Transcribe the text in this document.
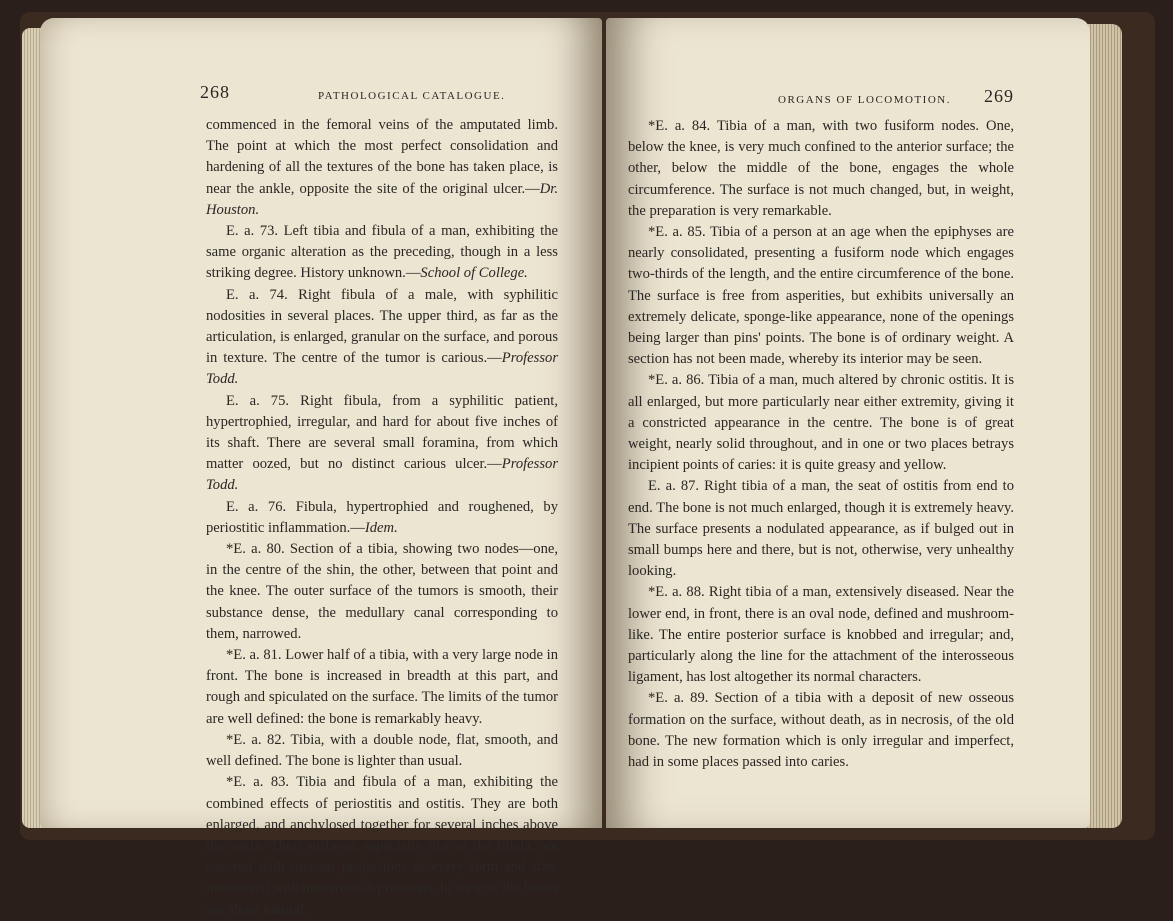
268	PATHOLOGICAL CATALOGUE.

commenced in the femoral veins of the amputated limb. The point at which the most perfect consolidation and hardening of all the textures of the bone has taken place, is near the ankle, opposite the site of the original ulcer.—Dr. Houston.

E. a. 73. Left tibia and fibula of a man, exhibiting the same organic alteration as the preceding, though in a less striking degree. History unknown.—School of College.

E. a. 74. Right fibula of a male, with syphilitic nodosities in several places. The upper third, as far as the articulation, is enlarged, granular on the surface, and porous in texture. The centre of the tumor is carious.—Professor Todd.

E. a. 75. Right fibula, from a syphilitic patient, hypertrophied, irregular, and hard for about five inches of its shaft. There are several small foramina, from which matter oozed, but no distinct carious ulcer.—Professor Todd.

E. a. 76. Fibula, hypertrophied and roughened, by periostitic inflammation.—Idem.

*E. a. 80. Section of a tibia, showing two nodes—one, in the centre of the shin, the other, between that point and the knee. The outer surface of the tumors is smooth, their substance dense, the medullary canal corresponding to them, narrowed.

*E. a. 81. Lower half of a tibia, with a very large node in front. The bone is increased in breadth at this part, and rough and spiculated on the surface. The limits of the tumor are well defined: the bone is remarkably heavy.

*E. a. 82. Tibia, with a double node, flat, smooth, and well defined. The bone is lighter than usual.

*E. a. 83. Tibia and fibula of a man, exhibiting the combined effects of periostitis and ostitis. They are both enlarged, and anchylosed together for several inches above the ankle. Their surfaces, especially that of the fibula, are covered with osseous projections of every form and size, intermixed with numerous depressions. In weight, the bones are about natural.

ORGANS OF LOCOMOTION. 269

*E. a. 84. Tibia of a man, with two fusiform nodes. One, below the knee, is very much confined to the anterior surface; the other, below the middle of the bone, engages the whole circumference. The surface is not much changed, but, in weight, the preparation is very remarkable.

*E. a. 85. Tibia of a person at an age when the epiphyses are nearly consolidated, presenting a fusiform node which engages two-thirds of the length, and the entire circumference of the bone. The surface is free from asperities, but exhibits universally an extremely delicate, sponge-like appearance, none of the openings being larger than pins' points. The bone is of ordinary weight. A section has not been made, whereby its interior may be seen.

*E. a. 86. Tibia of a man, much altered by chronic ostitis. It is all enlarged, but more particularly near either extremity, giving it a constricted appearance in the centre. The bone is of great weight, nearly solid throughout, and in one or two places betrays incipient points of caries: it is quite greasy and yellow.

E. a. 87. Right tibia of a man, the seat of ostitis from end to end. The bone is not much enlarged, though it is extremely heavy. The surface presents a nodulated appearance, as if bulged out in small bumps here and there, but is not, otherwise, very unhealthy looking.

*E. a. 88. Right tibia of a man, extensively diseased. Near the lower end, in front, there is an oval node, defined and mushroom-like. The entire posterior surface is knobbed and irregular; and, particularly along the line for the attachment of the interosseous ligament, has lost altogether its normal characters.

*E. a. 89. Section of a tibia with a deposit of new osseous formation on the surface, without death, as in necrosis, of the old bone. The new formation which is only irregular and imperfect, had in some places passed into caries.
